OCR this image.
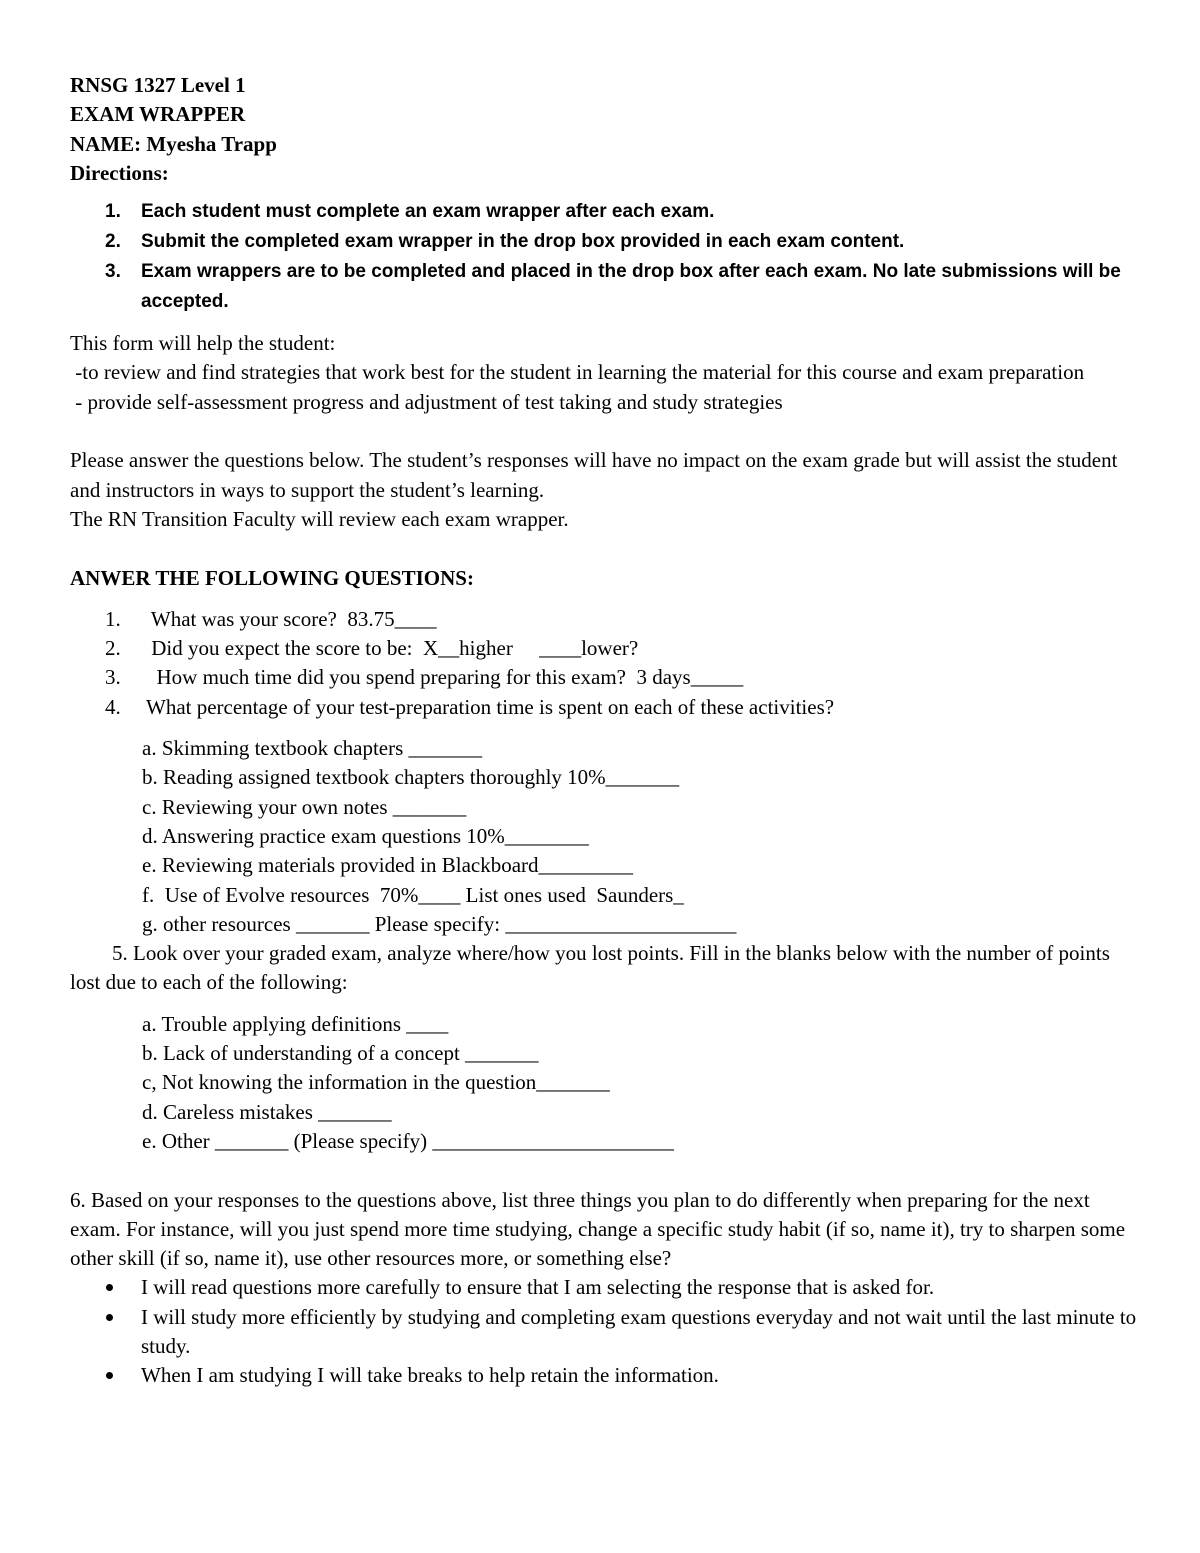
RNSG 1327 Level 1
EXAM WRAPPER
NAME: Myesha Trapp
Directions:
1. Each student must complete an exam wrapper after each exam.
2. Submit the completed exam wrapper in the drop box provided in each exam content.
3. Exam wrappers are to be completed and placed in the drop box after each exam. No late submissions will be accepted.
This form will help the student:
-to review and find strategies that work best for the student in learning the material for this course and exam preparation
- provide self-assessment progress and adjustment of test taking and study strategies
Please answer the questions below. The student’s responses will have no impact on the exam grade but will assist the student and instructors in ways to support the student’s learning.
The RN Transition Faculty will review each exam wrapper.
ANWER THE FOLLOWING QUESTIONS:
1. What was your score?  83.75____
2. Did you expect the score to be:  X__higher     ____lower?
3. How much time did you spend preparing for this exam?  3 days_____
4. What percentage of your test-preparation time is spent on each of these activities?
a. Skimming textbook chapters _______
b. Reading assigned textbook chapters thoroughly 10%_______
c. Reviewing your own notes _______
d. Answering practice exam questions 10%________
e. Reviewing materials provided in Blackboard_________
f.  Use of Evolve resources  70%____ List ones used  Saunders_
g. other resources _______ Please specify: ______________________
5. Look over your graded exam, analyze where/how you lost points. Fill in the blanks below with the number of points lost due to each of the following:
a. Trouble applying definitions ____
b. Lack of understanding of a concept _______
c, Not knowing the information in the question_______
d. Careless mistakes _______
e. Other _______ (Please specify) _______________________
6. Based on your responses to the questions above, list three things you plan to do differently when preparing for the next exam. For instance, will you just spend more time studying, change a specific study habit (if so, name it), try to sharpen some other skill (if so, name it), use other resources more, or something else?
I will read questions more carefully to ensure that I am selecting the response that is asked for.
I will study more efficiently by studying and completing exam questions everyday and not wait until the last minute to study.
When I am studying I will take breaks to help retain the information.
